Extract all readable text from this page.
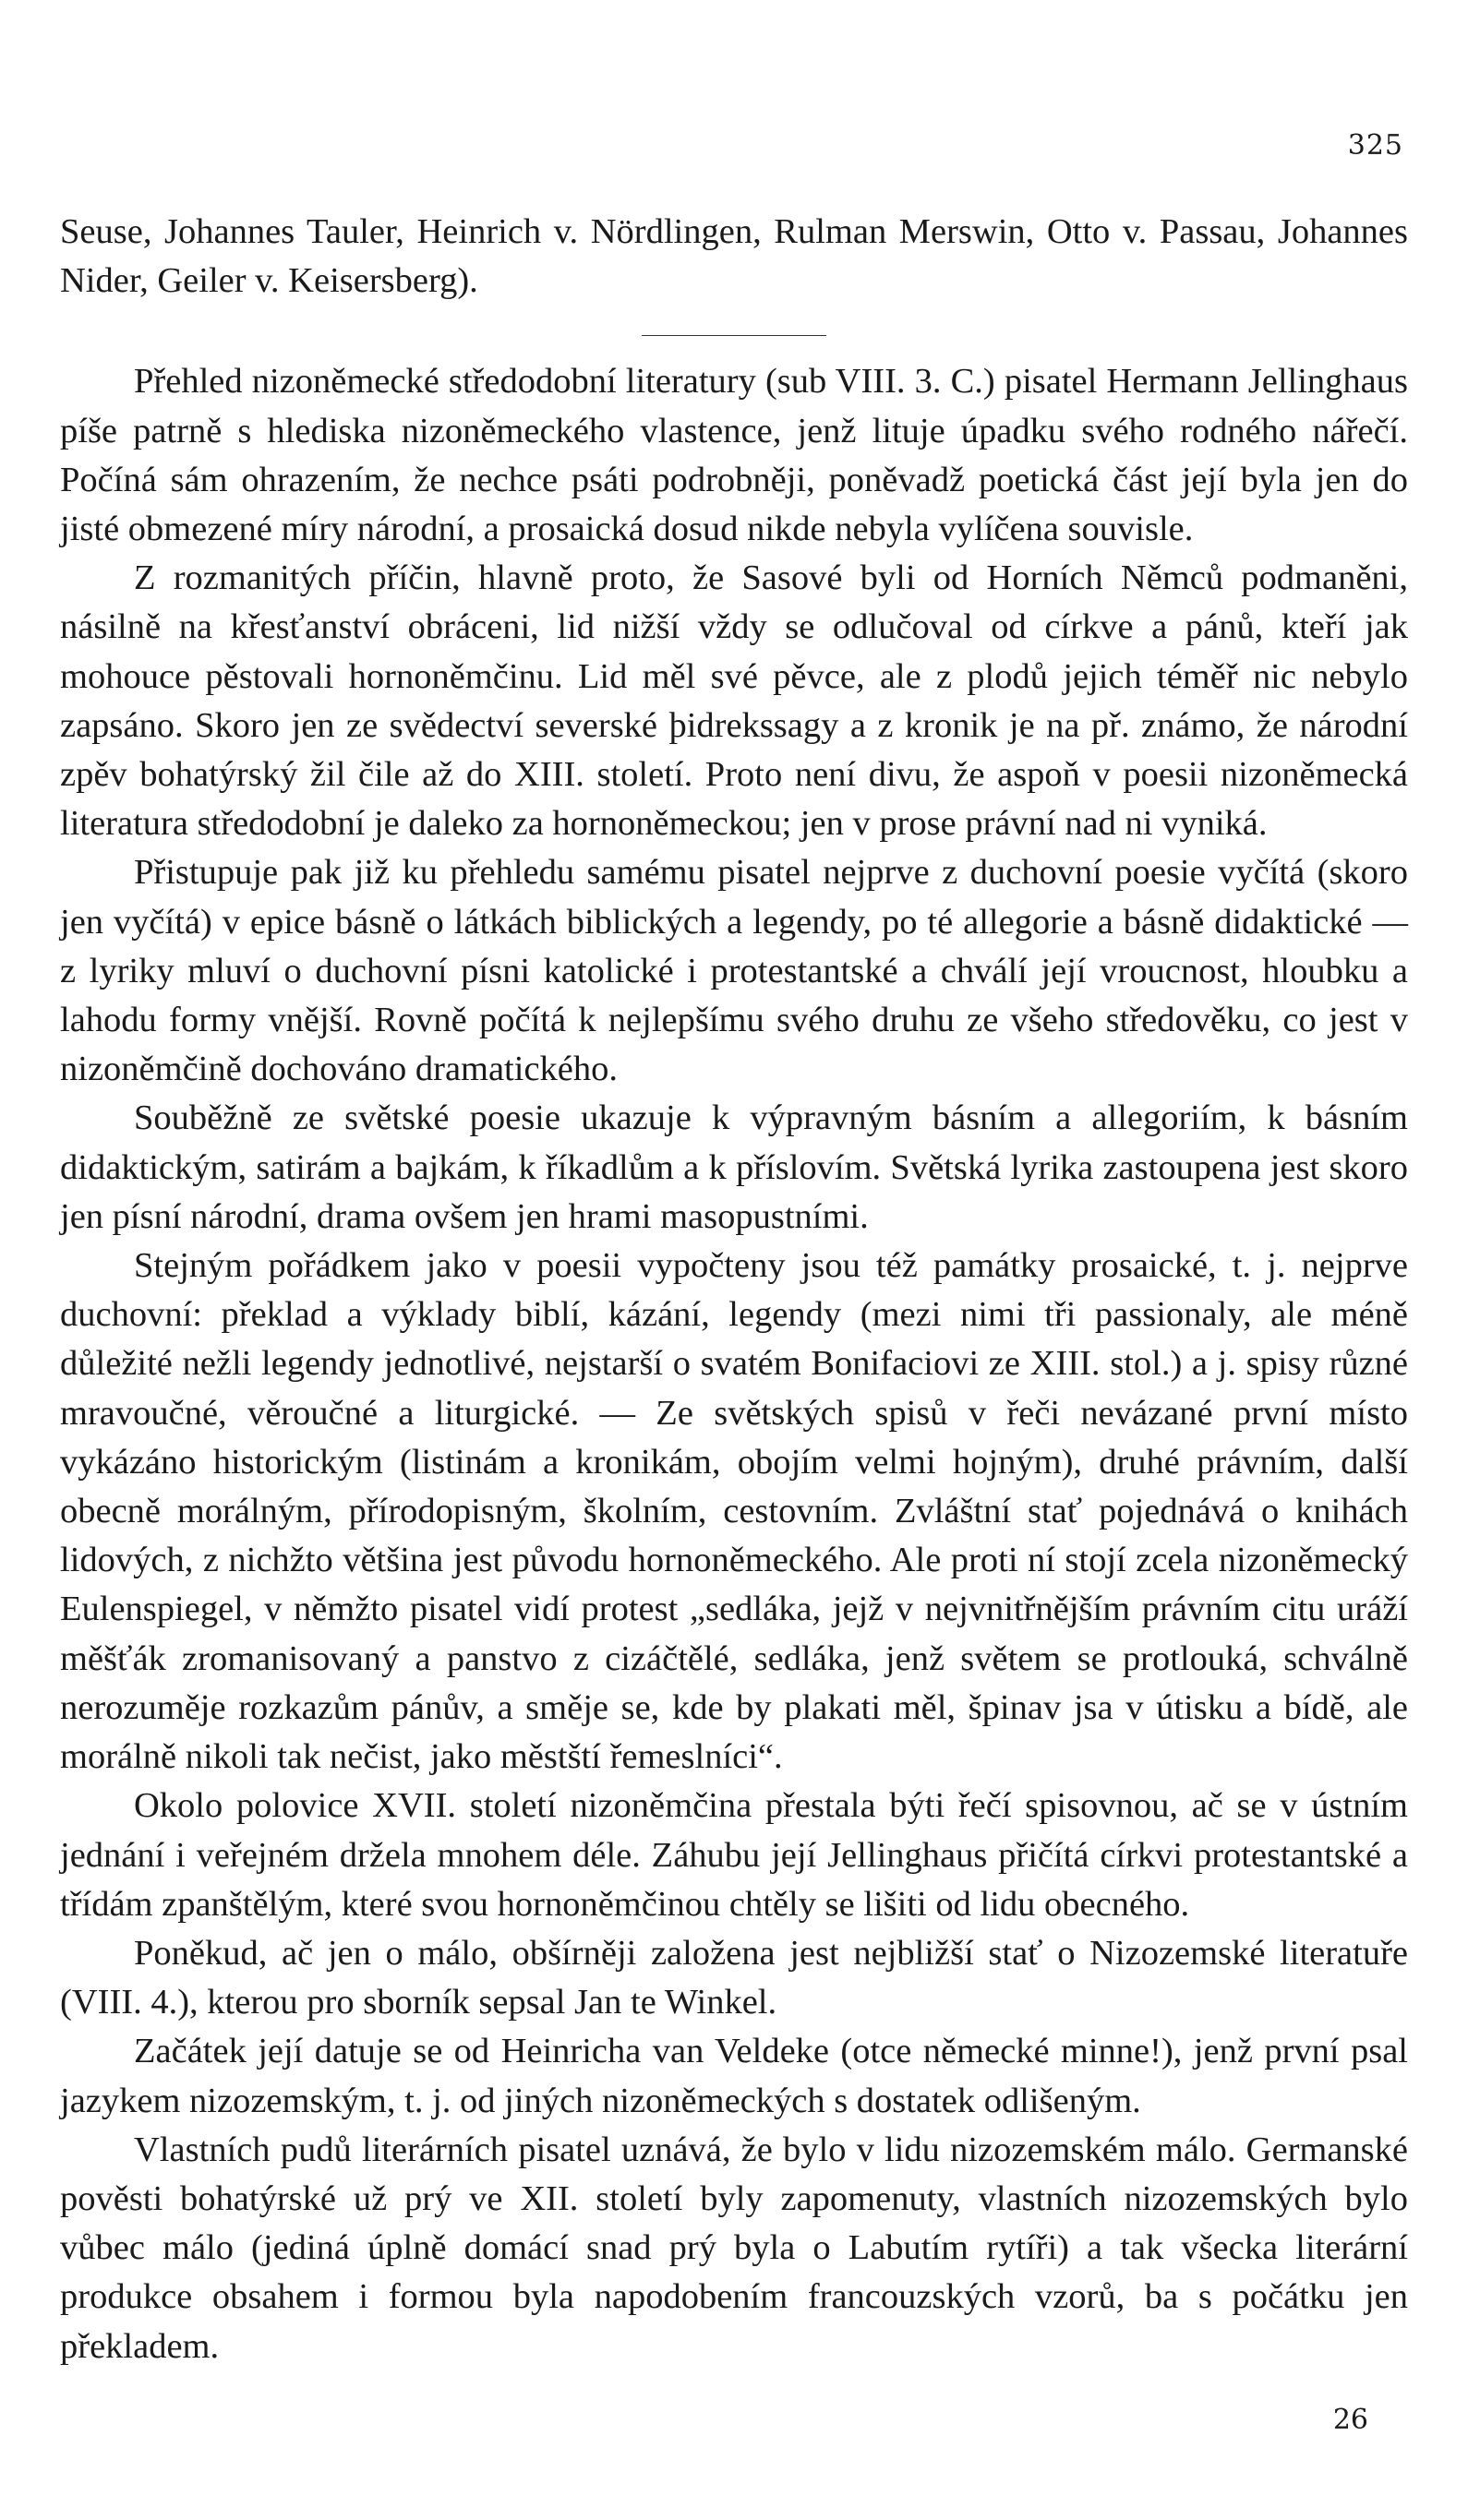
325

Seuse, Johannes Tauler, Heinrich v. Nördlingen, Rulman Merswin, Otto v. Passau, Johannes Nider, Geiler v. Keisersberg).

Přehled nizoněmecké středodobní literatury (sub VIII. 3. C.) pisatel Hermann Jellinghaus píše patrně s hlediska nizoněmeckého vlastence, jenž lituje úpadku svého rodného nářečí. Počíná sám ohrazením, že nechce psáti podrobněji, poněvadž poetická část její byla jen do jisté obmezené míry národní, a prosaická dosud nikde nebyla vylíčena souvisle.

Z rozmanitých příčin, hlavně proto, že Sasové byli od Horních Němců podmaněni, násilně na křesťanství obráceni, lid nižší vždy se odlučoval od církve a pánů, kteří jak mohouce pěstovali hornoněmčinu. Lid měl své pěvce, ale z plodů jejich téměř nic nebylo zapsáno. Skoro jen ze svědectví severské þidrekssagy a z kronik je na př. známo, že národní zpěv bohatýrský žil čile až do XIII. století. Proto není divu, že aspoň v poesii nizoněmecká literatura středodobní je daleko za hornoněmeckou; jen v prose právní nad ni vyniká.

Přistupuje pak již ku přehledu samému pisatel nejprve z duchovní poesie vyčítá (skoro jen vyčítá) v epice básně o látkách biblických a legendy, po té allegorie a básně didaktické — z lyriky mluví o duchovní písni katolické i protestantské a chválí její vroucnost, hloubku a lahodu formy vnější. Rovně počítá k nejlepšímu svého druhu ze všeho středověku, co jest v nizoněmčině dochováno dramatického.

Souběžně ze světské poesie ukazuje k výpravným básním a allegoriím, k básním didaktickým, satirám a bajkám, k říkadlům a k příslovím. Světská lyrika zastoupena jest skoro jen písní národní, drama ovšem jen hrami masopustními.

Stejným pořádkem jako v poesii vypočteny jsou též památky prosaické, t. j. nejprve duchovní: překlad a výklady biblí, kázání, legendy (mezi nimi tři passionaly, ale méně důležité nežli legendy jednotlivé, nejstarší o svatém Bonifaciovi ze XIII. stol.) a j. spisy různé mravoučné, věroučné a liturgické. — Ze světských spisů v řeči nevázané první místo vykázáno historickým (listinám a kronikám, obojím velmi hojným), druhé právním, další obecně morálným, přírodopisným, školním, cestovním. Zvláštní stať pojednává o knihách lidových, z nichžto většina jest původu hornoněmeckého. Ale proti ní stojí zcela nizoněmecký Eulenspiegel, v němžto pisatel vidí protest „sedláka, jejž v nejvnitřnějším právním citu uráží měšťák zromanisovaný a panstvo z cizáčtělé, sedláka, jenž světem se protlouká, schválně nerozuměje rozkazům pánův, a směje se, kde by plakati měl, špinav jsa v útisku a bídě, ale morálně nikoli tak nečist, jako městští řemeslníci“.

Okolo polovice XVII. století nizoněmčina přestala býti řečí spisovnou, ač se v ústním jednání i veřejném držela mnohem déle. Záhubu její Jellinghaus přičítá církvi protestantské a třídám zpanštělým, které svou hornoněmčinou chtěly se lišiti od lidu obecného.

Poněkud, ač jen o málo, obšírněji založena jest nejbližší stať o Nizozemské literatuře (VIII. 4.), kterou pro sborník sepsal Jan te Winkel.

Začátek její datuje se od Heinricha van Veldeke (otce německé minne!), jenž první psal jazykem nizozemským, t. j. od jiných nizoněmeckých s dostatek odlišeným.

Vlastních pudů literárních pisatel uznává, že bylo v lidu nizozemském málo. Germanské pověsti bohatýrské už prý ve XII. století byly zapomenuty, vlastních nizozemských bylo vůbec málo (jediná úplně domácí snad prý byla o Labutím rytíři) a tak všecka literární produkce obsahem i formou byla napodobením francouzských vzorů, ba s počátku jen překladem.

26
